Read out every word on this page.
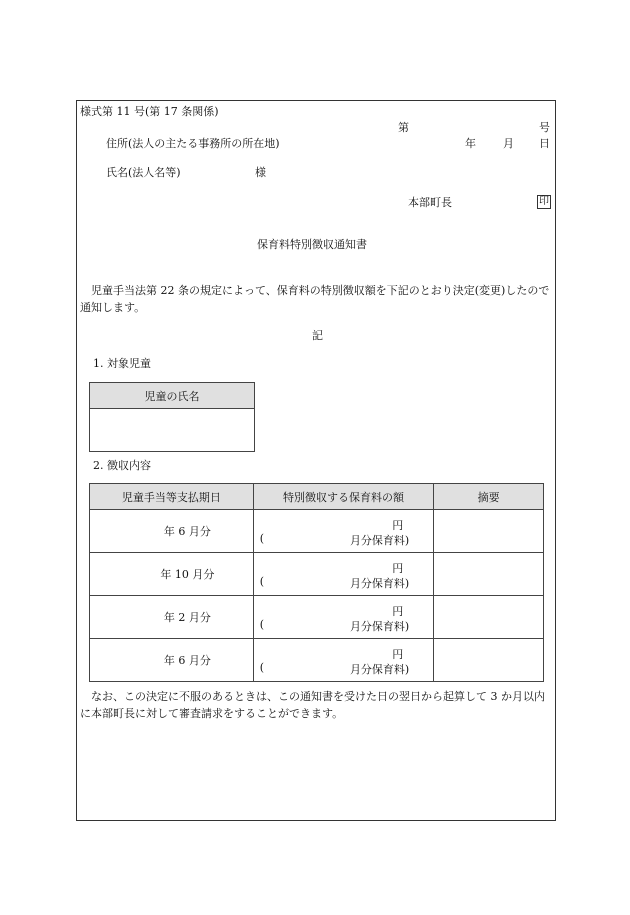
様式第 11 号(第 17 条関係)
第	号
住所(法人の主たる事務所の所在地)	年 月 日
氏名(法人名等)	様
本部町長	印
保育料特別徴収通知書
児童手当法第 22 条の規定によって、保育料の特別徴収額を下記のとおり決定(変更)したので通知します。
記
1. 対象児童
児童の氏名

2. 徴収内容
児童手当等支払期日	特別徴収する保育料の額	摘要
年 6 月分	円
( 月分保育料)	

年 10 月分	円
( 月分保育料)	

年 2 月分	円
( 月分保育料)	

年 6 月分	円
( 月分保育料)	

なお、この決定に不服のあるときは、この通知書を受けた日の翌日から起算して 3 か月以内に本部町長に対して審査請求をすることができます。
